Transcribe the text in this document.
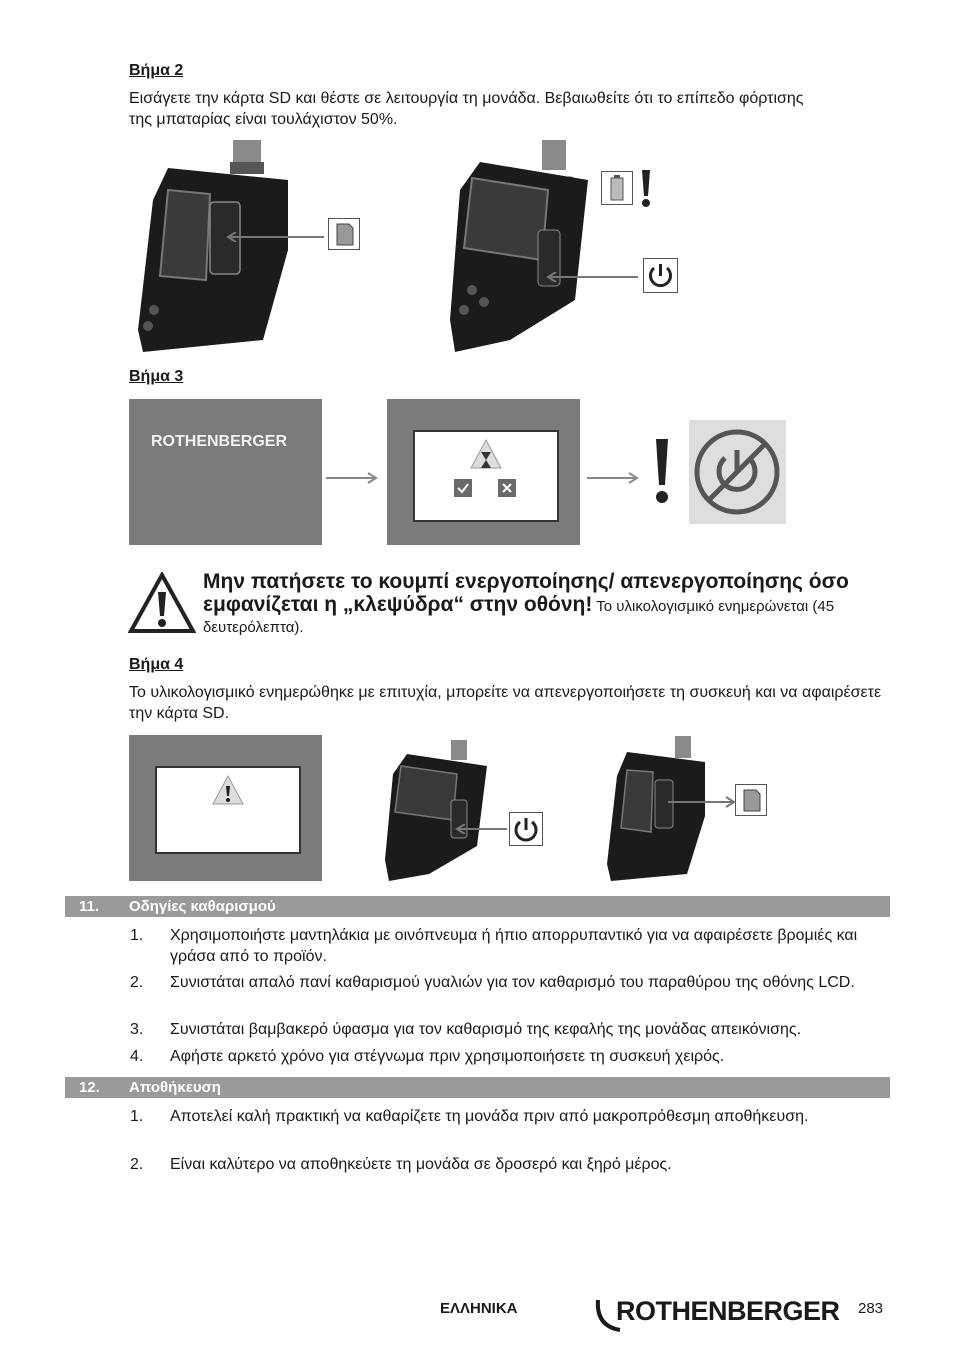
Βήμα 2
Εισάγετε την κάρτα SD και θέστε σε λειτουργία τη μονάδα. Βεβαιωθείτε ότι το επίπεδο φόρτισης της μπαταρίας είναι τουλάχιστον 50%.
Βήμα 3
ROTHENBERGER
Μην πατήσετε το κουμπί ενεργοποίησης/ απενεργοποίησης όσο εμφανίζεται η „κλεψύδρα“ στην οθόνη! Το υλικολογισμικό ενημερώνεται (45 δευτερόλεπτα).
Βήμα 4
Το υλικολογισμικό ενημερώθηκε με επιτυχία, μπορείτε να απενεργοποιήσετε τη συσκευή και να αφαιρέσετε την κάρτα SD.
11. Οδηγίες καθαρισμού
1. Χρησιμοποιήστε μαντηλάκια με οινόπνευμα ή ήπιο απορρυπαντικό για να αφαιρέσετε βρομιές και γράσα από το προϊόν.
2. Συνιστάται απαλό πανί καθαρισμού γυαλιών για τον καθαρισμό του παραθύρου της οθόνης LCD.
3. Συνιστάται βαμβακερό ύφασμα για τον καθαρισμό της κεφαλής της μονάδας απεικόνισης.
4. Αφήστε αρκετό χρόνο για στέγνωμα πριν χρησιμοποιήσετε τη συσκευή χειρός.
12. Αποθήκευση
1. Αποτελεί καλή πρακτική να καθαρίζετε τη μονάδα πριν από μακροπρόθεσμη αποθήκευση.
2. Είναι καλύτερο να αποθηκεύετε τη μονάδα σε δροσερό και ξηρό μέρος.
ΕΛΛΗΝΙΚΑ	ROTHENBERGER 283
